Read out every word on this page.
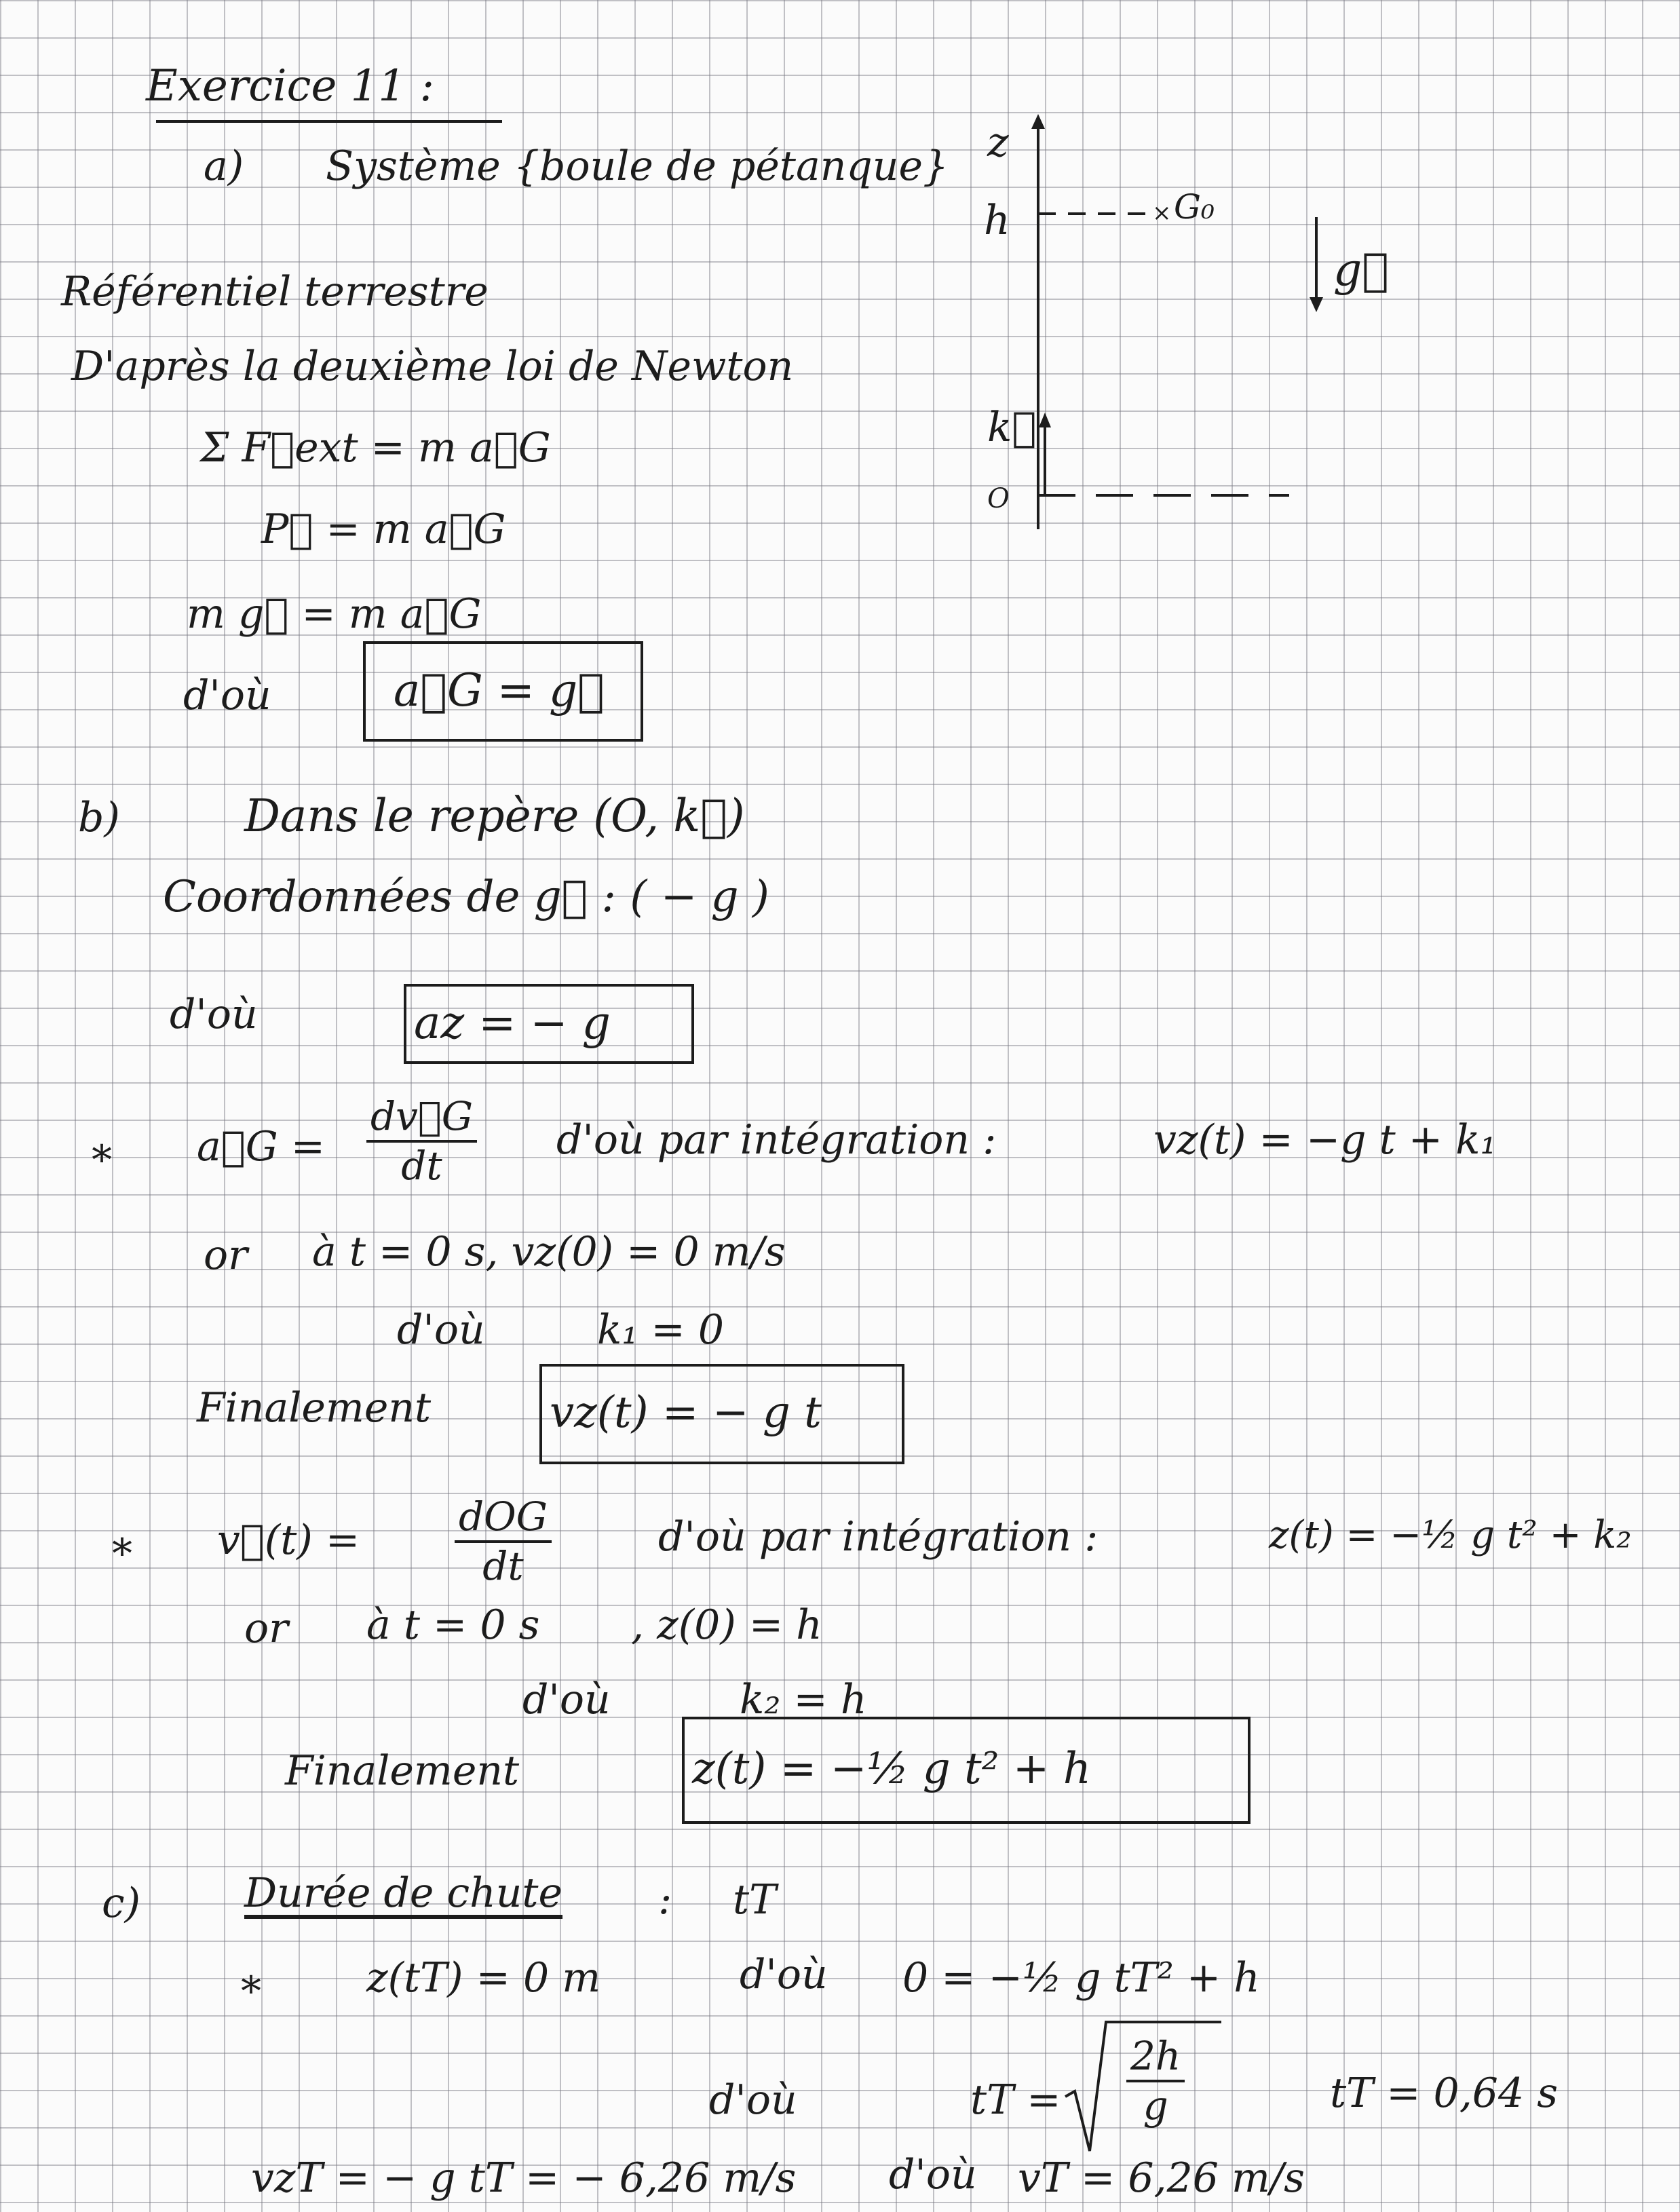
Exercice 11 :
a) Système {boule de pétanque}
Référentiel terrestre
D'après la deuxième loi de Newton
Σ F⃗ext = m a⃗G
P⃗ = m a⃗G
m g⃗ = m a⃗G
d'où	a⃗G = g⃗
×
z
h	G₀
k⃗
O
g⃗
b)	Dans le repère (O, k⃗)
Coordonnées de g⃗ : ( − g )
d'où	az = − g
* a⃗G = $\frac{dv⃗G}{dt}$ d'où par intégration :	vz(t) = −g t + k₁
or à t = 0 s, vz(0) = 0 m/s
d'où	k₁ = 0
Finalement	vz(t) = − g t
* v⃗(t) =	dOG
dt
d'où par intégration :	z(t) = −½ g t² + k₂
or à t = 0 s , z(0) = h
d'où	k₂ = h
Finalement	z(t) = −½ g t² + h
c)	Durée de chute : tT
*	z(tT) = 0 m	d'où 0 = −½ g tT² + h
d'où	tT = $\frac{2h}{g}$	tT = 0,64 s
vzT = − g tT = − 6,26 m/s d'où vT = 6,26 m/s
